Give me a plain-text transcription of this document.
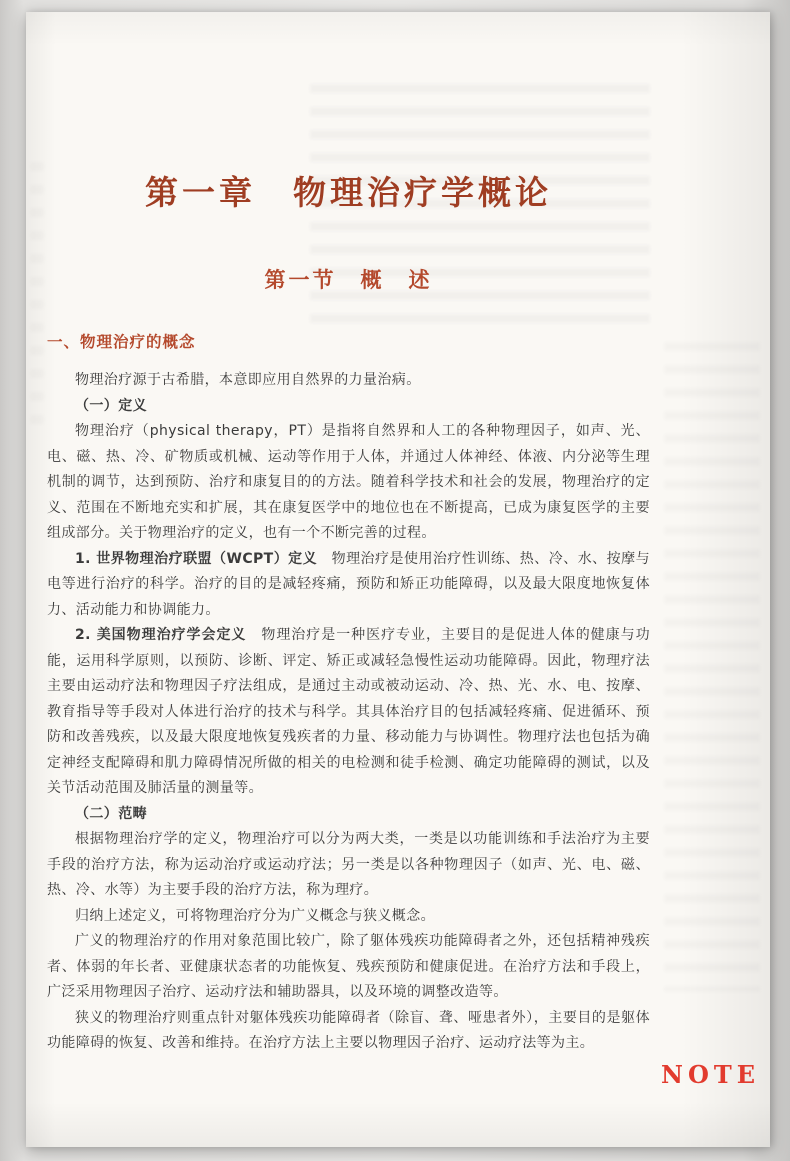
第一章　物理治疗学概论
第一节　概　述
一、物理治疗的概念

物理治疗源于古希腊，本意即应用自然界的力量治病。

（一）定义

物理治疗（physical therapy，PT）是指将自然界和人工的各种物理因子，如声、光、电、磁、热、冷、矿物质或机械、运动等作用于人体，并通过人体神经、体液、内分泌等生理机制的调节，达到预防、治疗和康复目的的方法。随着科学技术和社会的发展，物理治疗的定义、范围在不断地充实和扩展，其在康复医学中的地位也在不断提高，已成为康复医学的主要组成部分。关于物理治疗的定义，也有一个不断完善的过程。

1. 世界物理治疗联盟（WCPT）定义　物理治疗是使用治疗性训练、热、冷、水、按摩与电等进行治疗的科学。治疗的目的是减轻疼痛，预防和矫正功能障碍，以及最大限度地恢复体力、活动能力和协调能力。

2. 美国物理治疗学会定义　物理治疗是一种医疗专业，主要目的是促进人体的健康与功能，运用科学原则，以预防、诊断、评定、矫正或减轻急慢性运动功能障碍。因此，物理疗法主要由运动疗法和物理因子疗法组成，是通过主动或被动运动、冷、热、光、水、电、按摩、教育指导等手段对人体进行治疗的技术与科学。其具体治疗目的包括减轻疼痛、促进循环、预防和改善残疾，以及最大限度地恢复残疾者的力量、移动能力与协调性。物理疗法也包括为确定神经支配障碍和肌力障碍情况所做的相关的电检测和徒手检测、确定功能障碍的测试，以及关节活动范围及肺活量的测量等。

（二）范畴

根据物理治疗学的定义，物理治疗可以分为两大类，一类是以功能训练和手法治疗为主要手段的治疗方法，称为运动治疗或运动疗法；另一类是以各种物理因子（如声、光、电、磁、热、冷、水等）为主要手段的治疗方法，称为理疗。

归纳上述定义，可将物理治疗分为广义概念与狭义概念。

广义的物理治疗的作用对象范围比较广，除了躯体残疾功能障碍者之外，还包括精神残疾者、体弱的年长者、亚健康状态者的功能恢复、残疾预防和健康促进。在治疗方法和手段上，广泛采用物理因子治疗、运动疗法和辅助器具，以及环境的调整改造等。

狭义的物理治疗则重点针对躯体残疾功能障碍者（除盲、聋、哑患者外），主要目的是躯体功能障碍的恢复、改善和维持。在治疗方法上主要以物理因子治疗、运动疗法等为主。

NOTE
